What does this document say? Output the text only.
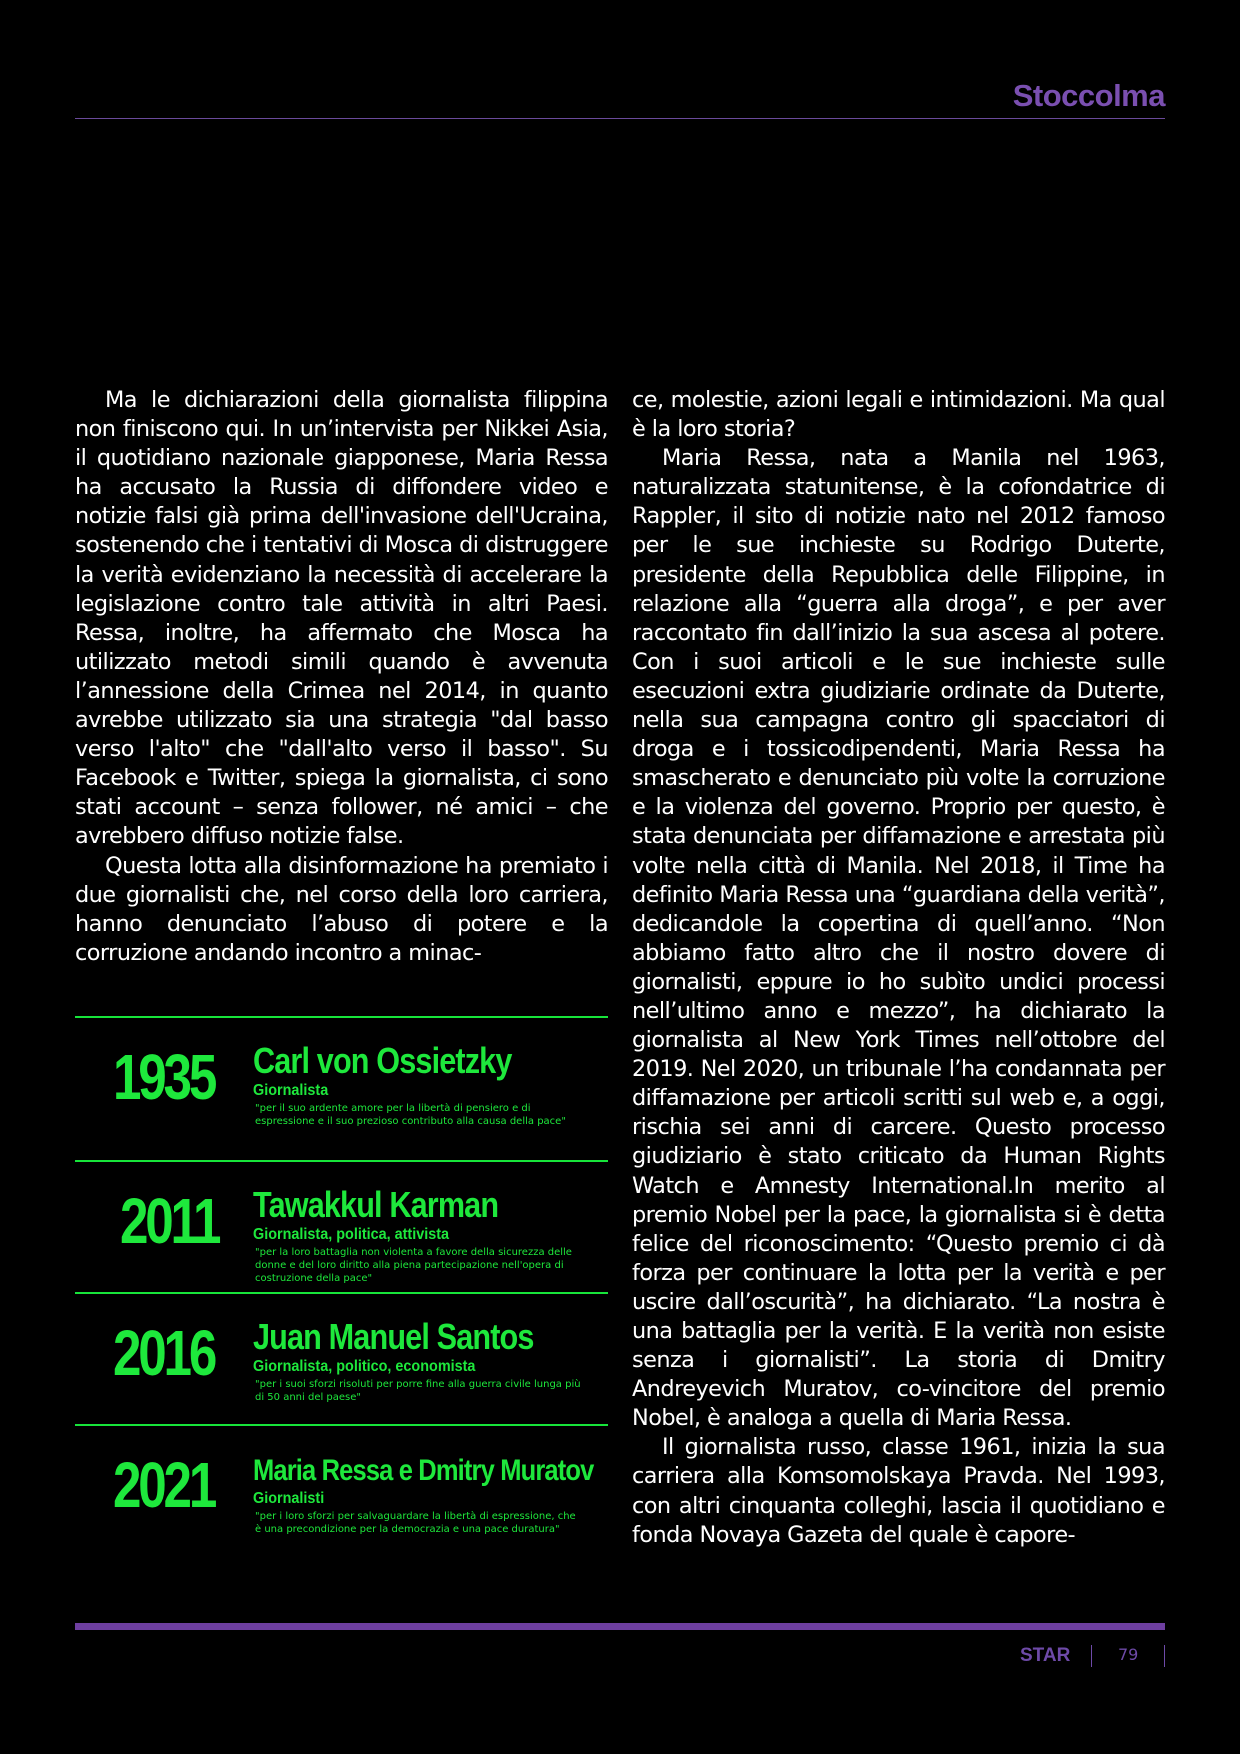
Stoccolma

Ma le dichiarazioni della giornalista filippina non finiscono qui. In un’intervista per Nikkei Asia, il quotidiano nazionale giapponese, Maria Ressa ha accusato la Russia di diffondere video e notizie falsi già prima dell'invasione dell'Ucraina, sostenendo che i tentativi di Mosca di distruggere la verità evidenziano la necessità di accelerare la legislazione contro tale attività in altri Paesi. Ressa, inoltre, ha affermato che Mosca ha utilizzato metodi simili quando è avvenuta l’annessione della Crimea nel 2014, in quanto avrebbe utilizzato sia una strategia "dal basso verso l'alto" che "dall'alto verso il basso". Su Facebook e Twitter, spiega la giornalista, ci sono stati account – senza follower, né amici – che avrebbero diffuso notizie false.

Questa lotta alla disinformazione ha premiato i due giornalisti che, nel corso della loro carriera, hanno denunciato l’abuso di potere e la corruzione andando incontro a minac-

ce, molestie, azioni legali e intimidazioni. Ma qual è la loro storia?

Maria Ressa, nata a Manila nel 1963, naturalizzata statunitense, è la cofondatrice di Rappler, il sito di notizie nato nel 2012 famoso per le sue inchieste su Rodrigo Duterte, presidente della Repubblica delle Filippine, in relazione alla “guerra alla droga”, e per aver raccontato fin dall’inizio la sua ascesa al potere. Con i suoi articoli e le sue inchieste sulle esecuzioni extra giudiziarie ordinate da Duterte, nella sua campagna contro gli spacciatori di droga e i tossicodipendenti, Maria Ressa ha smascherato e denunciato più volte la corruzione e la violenza del governo. Proprio per questo, è stata denunciata per diffamazione e arrestata più volte nella città di Manila. Nel 2018, il Time ha definito Maria Ressa una “guardiana della verità”, dedicandole la copertina di quell’anno. “Non abbiamo fatto altro che il nostro dovere di giornalisti, eppure io ho subìto undici processi nell’ultimo anno e mezzo”, ha dichiarato la giornalista al New York Times nell’ottobre del 2019. Nel 2020, un tribunale l’ha condannata per diffamazione per articoli scritti sul web e, a oggi, rischia sei anni di carcere. Questo processo giudiziario è stato criticato da Human Rights Watch e Amnesty International.In merito al premio Nobel per la pace, la giornalista si è detta felice del riconoscimento: “Questo premio ci dà forza per continuare la lotta per la verità e per uscire dall’oscurità”, ha dichiarato. “La nostra è una battaglia per la verità. E la verità non esiste senza i giornalisti”. La storia di Dmitry Andreyevich Muratov, co-vincitore del premio Nobel, è analoga a quella di Maria Ressa.

Il giornalista russo, classe 1961, inizia la sua carriera alla Komsomolskaya Pravda. Nel 1993, con altri cinquanta colleghi, lascia il quotidiano e fonda Novaya Gazeta del quale è capore-

1935 Carl von Ossietzky
Giornalista
"per il suo ardente amore per la libertà di pensiero e di espressione e il suo prezioso contributo alla causa della pace"
2011 Tawakkul Karman
Giornalista, politica, attivista
"per la loro battaglia non violenta a favore della sicurezza delle donne e del loro diritto alla piena partecipazione nell'opera di costruzione della pace"
2016 Juan Manuel Santos
Giornalista, politico, economista
"per i suoi sforzi risoluti per porre fine alla guerra civile lunga più di 50 anni del paese"
2021 Maria Ressa e Dmitry Muratov
Giornalisti
"per i loro sforzi per salvaguardare la libertà di espressione, che è una precondizione per la democrazia e una pace duratura"
STAR	79
